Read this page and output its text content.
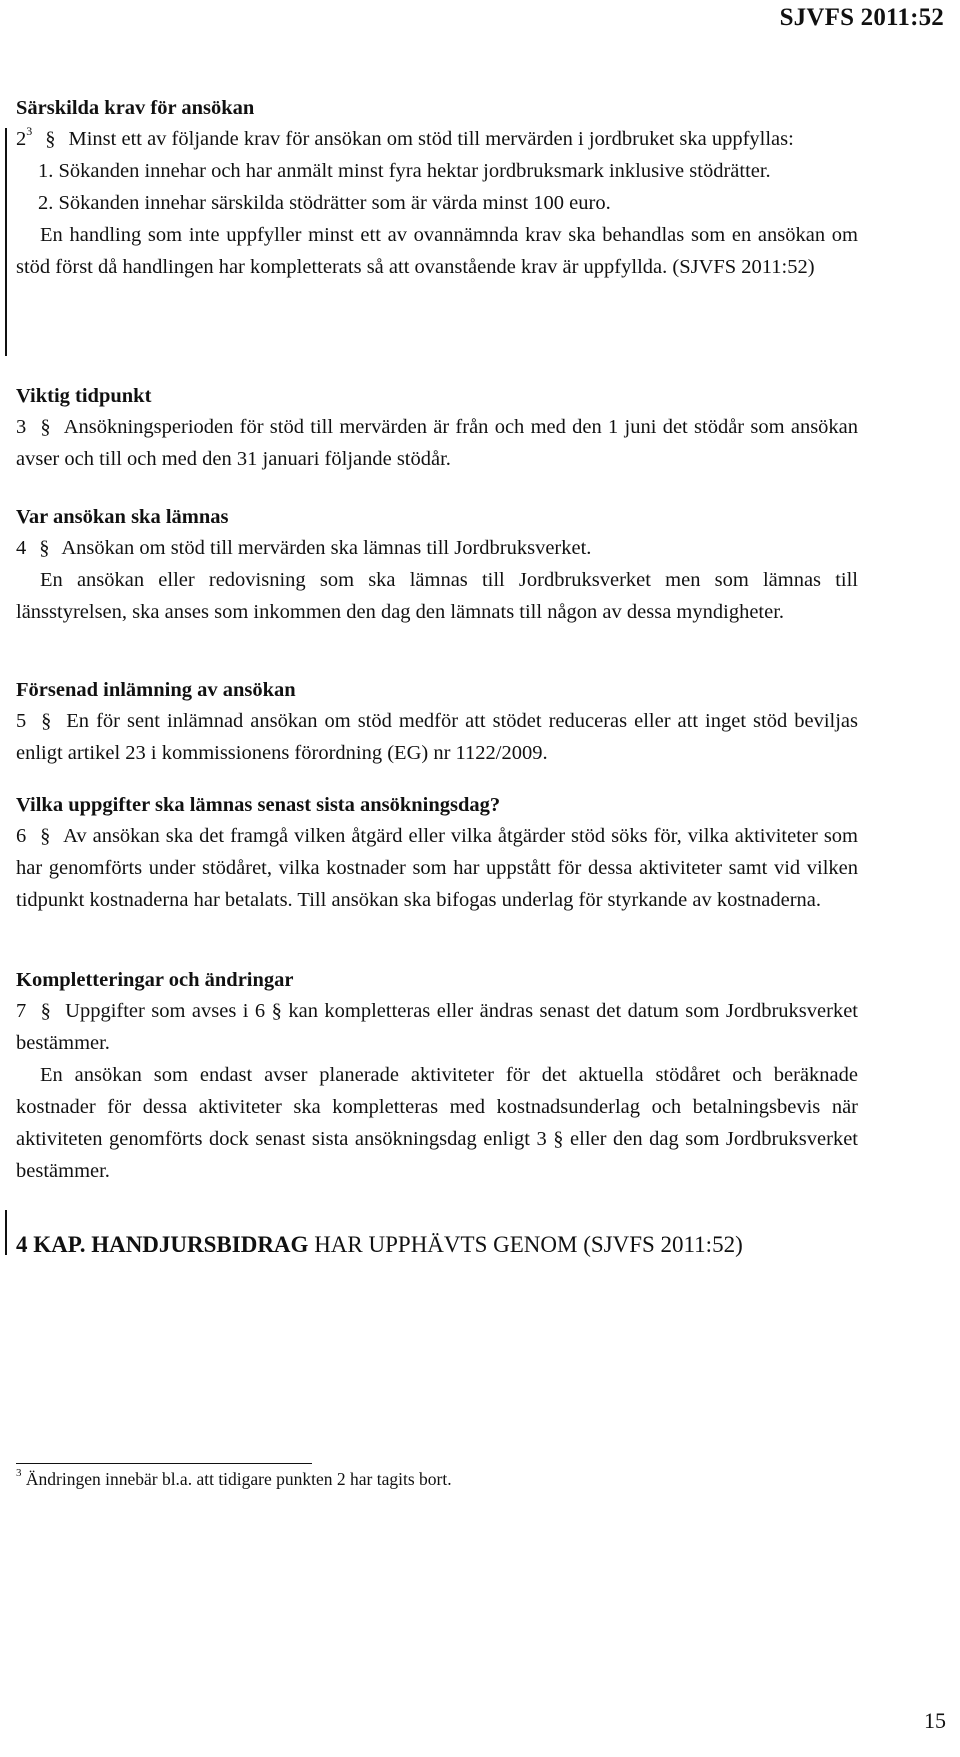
SJVFS 2011:52
Särskilda krav för ansökan

$2^3$ § Minst ett av följande krav för ansökan om stöd till mervärden i jordbruket ska uppfyllas:

1. Sökanden innehar och har anmält minst fyra hektar jordbruksmark inklusive stödrätter.

2. Sökanden innehar särskilda stödrätter som är värda minst 100 euro.

En handling som inte uppfyller minst ett av ovannämnda krav ska behandlas som en ansökan om stöd först då handlingen har kompletterats så att ovanstående krav är uppfyllda. (SJVFS 2011:52)

Viktig tidpunkt

3 § Ansökningsperioden för stöd till mervärden är från och med den 1 juni det stödår som ansökan avser och till och med den 31 januari följande stödår.

Var ansökan ska lämnas

4 § Ansökan om stöd till mervärden ska lämnas till Jordbruksverket.

En ansökan eller redovisning som ska lämnas till Jordbruksverket men som lämnas till länsstyrelsen, ska anses som inkommen den dag den lämnats till någon av dessa myndigheter.

Försenad inlämning av ansökan

5 § En för sent inlämnad ansökan om stöd medför att stödet reduceras eller att inget stöd beviljas enligt artikel 23 i kommissionens förordning (EG) nr 1122/2009.

Vilka uppgifter ska lämnas senast sista ansökningsdag?

6 § Av ansökan ska det framgå vilken åtgärd eller vilka åtgärder stöd söks för, vilka aktiviteter som har genomförts under stödåret, vilka kostnader som har uppstått för dessa aktiviteter samt vid vilken tidpunkt kostnaderna har betalats. Till ansökan ska bifogas underlag för styrkande av kostnaderna.

Kompletteringar och ändringar

7 § Uppgifter som avses i 6 § kan kompletteras eller ändras senast det datum som Jordbruksverket bestämmer.

En ansökan som endast avser planerade aktiviteter för det aktuella stödåret och beräknade kostnader för dessa aktiviteter ska kompletteras med kostnadsunderlag och betalningsbevis när aktiviteten genomförts dock senast sista ansökningsdag enligt 3 § eller den dag som Jordbruksverket bestämmer.

4 KAP. HANDJURSBIDRAG HAR UPPHÄVTS GENOM (SJVFS 2011:52)
$^3$ Ändringen innebär bl.a. att tidigare punkten 2 har tagits bort.
15
